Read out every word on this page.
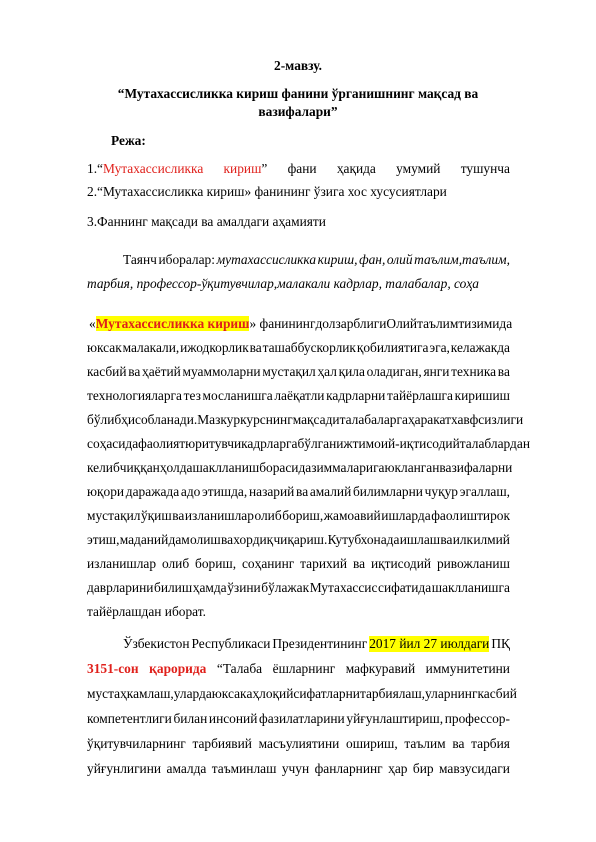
2-мавзу.
“Мутахассисликка кириш фанини ўрганишнинг мақсад ва
вазифалари”
Режа:
1.“Мутахассисликка кириш” фани ҳақида умумий тушунча
2.“Мутахассисликка кириш» фанининг ўзига хос хусусиятлари
3.Фаннинг мақсади ва амалдаги аҳамияти
Таянч иборалар: мутахассисликка кириш, фан, олий таълим,таълим,
тарбия, профессор-ўқитувчилар,малакали кадрлар, талабалар, соҳа
«Мутахассисликка кириш» фанининг долзарблиги Олий таълим тизимида
юксак малакали, ижодкорлик ва ташаббускорлик қобилиятига эга, келажакда
касбий ва ҳаётий муаммоларни мустақил ҳал қила оладиган, янги техника ва
технологияларга тез мосланишга лаёқатли кадрларни тайёрлашга киришиш
бўлиб ҳисобланади. Мазкур курснинг мақсади талабаларга ҳаракат хавфсизлиги
соҳасида фаолият юритувчи кадрларга бўлган ижтимоий-иқтисодий талаблардан
келиб чиққан ҳолда шаклланиш борасида зиммаларига юкланган вазифаларни
юқори даражада адо этишда, назарий ва амалий билимларни чуқур эгаллаш,
мустақил ўқиш ва изланишлар олиб бориш, жамоавий ишларда фаол иштирок
этиш, маданий дам олиш ва хордиқ чиқариш. Кутубхонада ишлаш ва илк илмий
изланишлар олиб бориш, соҳанинг тарихий ва иқтисодий ривожланиш
даврларини билиш ҳамда ўзини бўлажак Мутахассис сифатида шаклланишга
тайёрлашдан иборат.
Ўзбекистон Республикаси Президентининг 2017 йил 27 июлдаги ПҚ
3151-сон қарорида “Талаба ёшларнинг мафкуравий иммунитетини
мустаҳкамлаш, уларда юксак аҳлоқий сифатларни тарбиялаш, уларнинг касбий
компетентлиги билан инсоний фазилатларини уйғунлаштириш, профессор-
ўқитувчиларнинг тарбиявий масъулиятини ошириш, таълим ва тарбия
уйғунлигини амалда таъминлаш учун фанларнинг ҳар бир мавзусидаги
